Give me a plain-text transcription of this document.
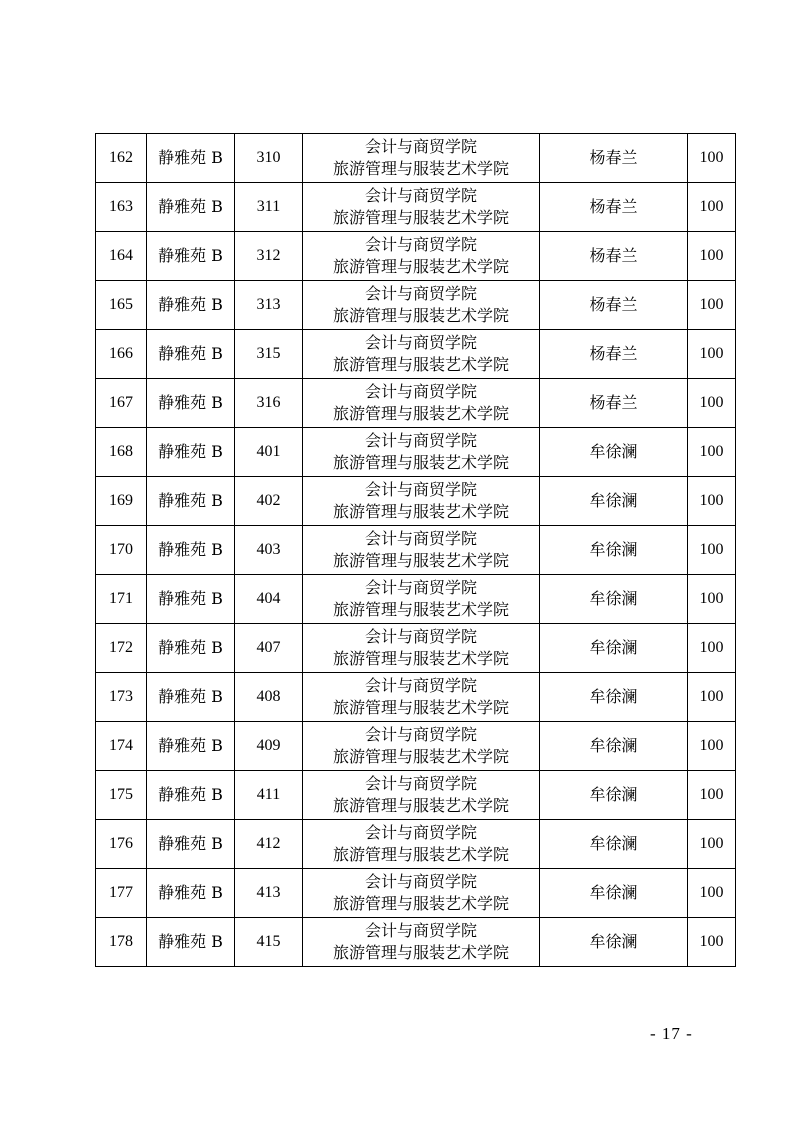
162	静雅苑 B	310	会计与商贸学院
旅游管理与服装艺术学院	杨春兰	100
163	静雅苑 B	311	会计与商贸学院
旅游管理与服装艺术学院	杨春兰	100
164	静雅苑 B	312	会计与商贸学院
旅游管理与服装艺术学院	杨春兰	100
165	静雅苑 B	313	会计与商贸学院
旅游管理与服装艺术学院	杨春兰	100
166	静雅苑 B	315	会计与商贸学院
旅游管理与服装艺术学院	杨春兰	100
167	静雅苑 B	316	会计与商贸学院
旅游管理与服装艺术学院	杨春兰	100
168	静雅苑 B	401	会计与商贸学院
旅游管理与服装艺术学院	牟徐澜	100
169	静雅苑 B	402	会计与商贸学院
旅游管理与服装艺术学院	牟徐澜	100
170	静雅苑 B	403	会计与商贸学院
旅游管理与服装艺术学院	牟徐澜	100
171	静雅苑 B	404	会计与商贸学院
旅游管理与服装艺术学院	牟徐澜	100
172	静雅苑 B	407	会计与商贸学院
旅游管理与服装艺术学院	牟徐澜	100
173	静雅苑 B	408	会计与商贸学院
旅游管理与服装艺术学院	牟徐澜	100
174	静雅苑 B	409	会计与商贸学院
旅游管理与服装艺术学院	牟徐澜	100
175	静雅苑 B	411	会计与商贸学院
旅游管理与服装艺术学院	牟徐澜	100
176	静雅苑 B	412	会计与商贸学院
旅游管理与服装艺术学院	牟徐澜	100
177	静雅苑 B	413	会计与商贸学院
旅游管理与服装艺术学院	牟徐澜	100
178	静雅苑 B	415	会计与商贸学院
旅游管理与服装艺术学院	牟徐澜	100
- 17 -
